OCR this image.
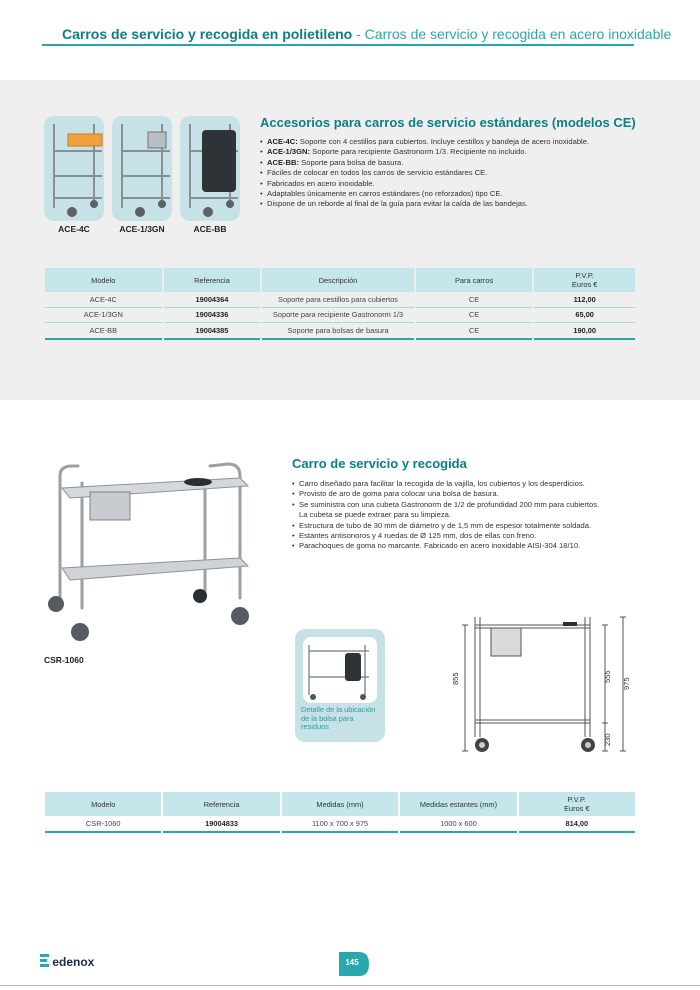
Carros de servicio y recogida en polietileno - Carros de servicio y recogida en acero inoxidable
ACE-4C	ACE-1/3GN	ACE-BB
Accesorios para carros de servicio estándares (modelos CE)
• ACE-4C: Soporte con 4 cestillos para cubiertos. Incluye cestillos y bandeja de acero inoxidable.
• ACE-1/3GN: Soporte para recipiente Gastronorm 1/3. Recipiente no incluido.
• ACE-BB: Soporte para bolsa de basura.
• Fáciles de colocar en todos los carros de servicio estándares CE.
• Fabricados en acero inoxidable.
• Adaptables únicamente en carros estándares (no reforzados) tipo CE.
• Dispone de un reborde al final de la guía para evitar la caída de las bandejas.
Modelo	Referencia	Descripción	Para carros	P.V.P.
Euros €
ACE-4C	19004364	Soporte para cestillos para cubiertos	CE	112,00
ACE-1/3GN	19004336	Soporte para recipiente Gastronorm 1/3	CE	65,00
ACE-BB	19004385	Soporte para bolsas de basura	CE	190,00
CSR-1060
Carro de servicio y recogida
• Carro diseñado para facilitar la recogida de la vajilla, los cubiertos y los desperdicios.
• Provisto de aro de goma para colocar una bolsa de basura.
• Se suministra con una cubeta Gastronorm de 1/2 de profundidad 200 mm para cubiertos.
La cubeta se puede extraer para su limpieza.
• Estructura de tubo de 30 mm de diámetro y de 1,5 mm de espesor totalmente soldada.
• Estantes antisonoros y 4 ruedas de Ø 125 mm, dos de ellas con freno.
• Parachoques de goma no marcante. Fabricado en acero inoxidable AISI-304 18/10.
Detalle de la ubicación de la bolsa para residuos
855	555
975
230
Modelo	Referencia	Medidas (mm)	Medidas estantes (mm)	P.V.P.
Euros €
CSR-1060	19004833	1100 x 700 x 975	1000 x 600	814,00
edenox	145
